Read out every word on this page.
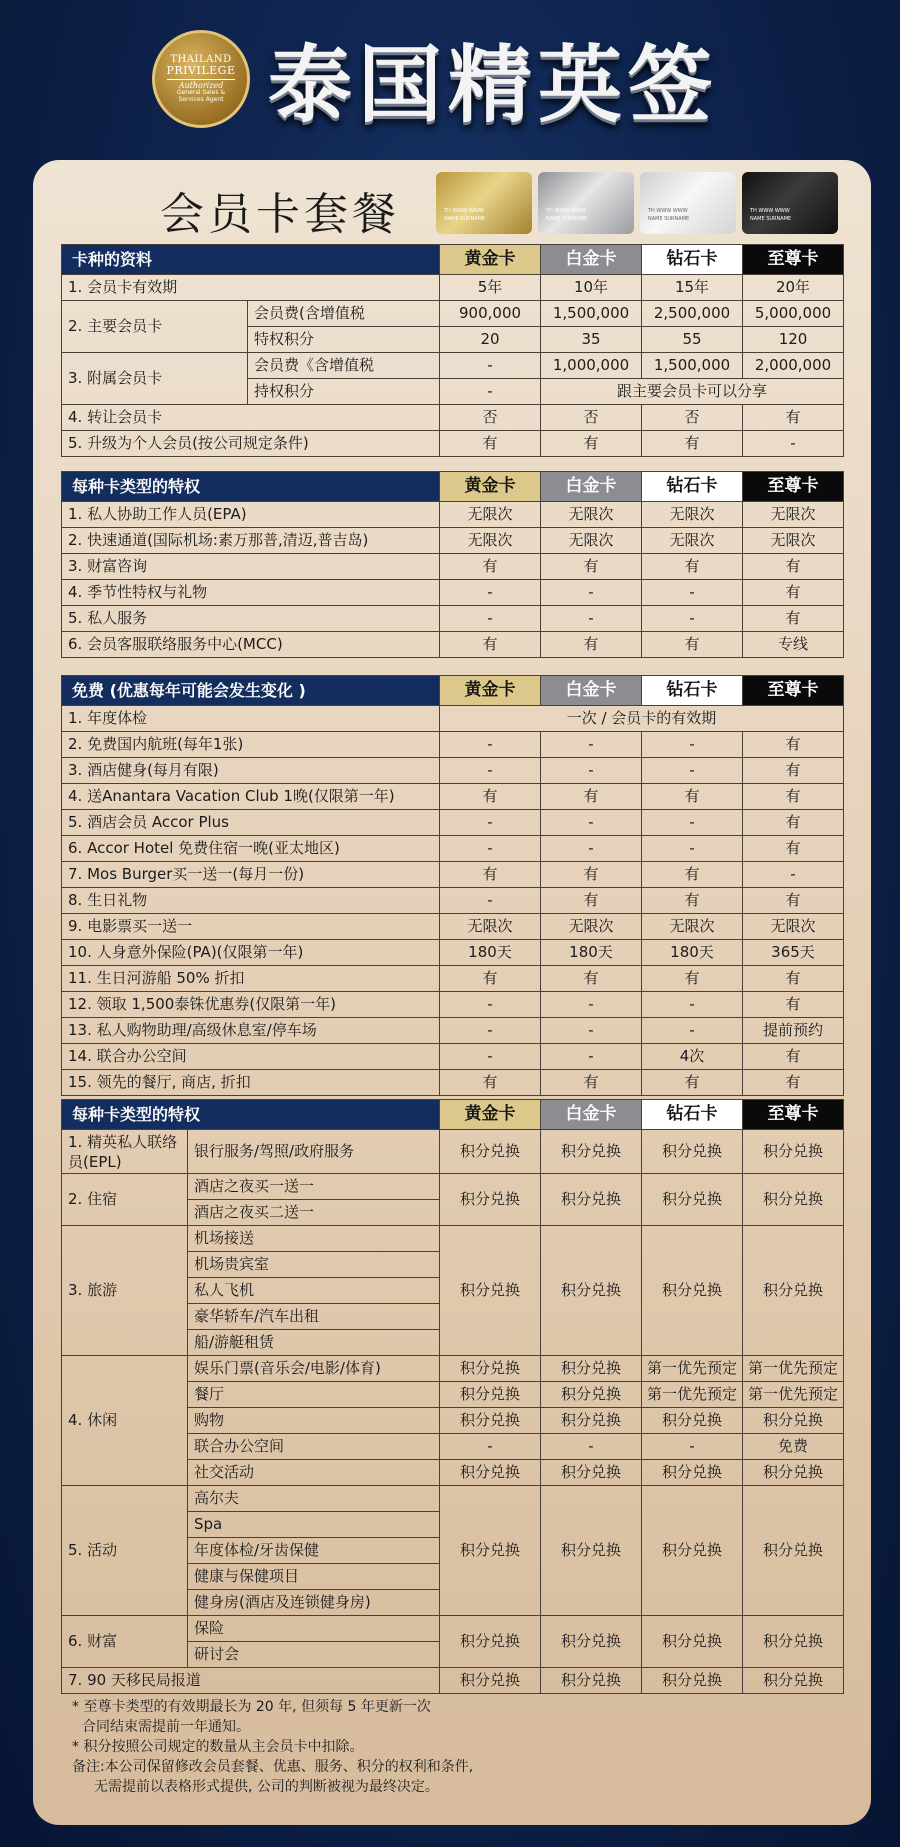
THAILAND
PRIVILEGE
Authorized
General Sales &
Services Agent 泰国精英签
会员卡套餐	TH WWW WWW
NAME SURNAME
TH WWW WWW
NAME SURNAME
TH WWW WWW
NAME SURNAME
TH WWW WWW
NAME SURNAME
卡种的资料		黄金卡	白金卡	钻石卡	至尊卡
1. 会员卡有效期		5年	10年	15年	20年
2. 主要会员卡	会员费(含增值税	900,000	1,500,000	2,500,000	5,000,000
	特权积分	20	35	55	120
3. 附属会员卡	会员费《含增值税	-	1,000,000	1,500,000	2,000,000
	持权积分	-	跟主要会员卡可以分享		
4. 转让会员卡		否	否	否	有
5. 升级为个人会员(按公司规定条件)		有	有	有	-
每种卡类型的特权	黄金卡	白金卡	钻石卡	至尊卡
1. 私人协助工作人员(EPA)	无限次	无限次	无限次	无限次
2. 快速通道(国际机场:素万那普,清迈,普吉岛)	无限次	无限次	无限次	无限次
3. 财富咨询	有	有	有	有
4. 季节性特权与礼物	-	-	-	有
5. 私人服务	-	-	-	有
6. 会员客服联络服务中心(MCC)	有	有	有	专线
免费 (优惠每年可能会发生变化 )	黄金卡	白金卡	钻石卡	至尊卡
1. 年度体检	一次 / 会员卡的有效期			
2. 免费国内航班(每年1张)	-	-	-	有
3. 酒店健身(每月有限)	-	-	-	有
4. 送Anantara Vacation Club 1晚(仅限第一年)	有	有	有	有
5. 酒店会员 Accor Plus	-	-	-	有
6. Accor Hotel 免费住宿一晚(亚太地区)	-	-	-	有
7. Mos Burger买一送一(每月一份)	有	有	有	-
8. 生日礼物	-	有	有	有
9. 电影票买一送一	无限次	无限次	无限次	无限次
10. 人身意外保险(PA)(仅限第一年)	180天	180天	180天	365天
11. 生日河游船 50% 折扣	有	有	有	有
12. 领取 1,500泰铢优惠券(仅限第一年)	-	-	-	有
13. 私人购物助理/高级休息室/停车场	-	-	-	提前预约
14. 联合办公空间	-	-	4次	有
15. 领先的餐厅, 商店, 折扣	有	有	有	有
每种卡类型的特权		黄金卡	白金卡	钻石卡	至尊卡
1. 精英私人联络员(EPL)	银行服务/驾照/政府服务	积分兑换	积分兑换	积分兑换	积分兑换
2. 住宿	酒店之夜买一送一	积分兑换	积分兑换	积分兑换	积分兑换
	酒店之夜买二送一				
3. 旅游	机场接送	积分兑换	积分兑换	积分兑换	积分兑换
	机场贵宾室				
	私人飞机				
	豪华轿车/汽车出租				
	船/游艇租赁				
4. 休闲	娱乐门票(音乐会/电影/体育)	积分兑换	积分兑换	第一优先预定	第一优先预定
	餐厅	积分兑换	积分兑换	第一优先预定	第一优先预定
	购物	积分兑换	积分兑换	积分兑换	积分兑换
	联合办公空间	-	-	-	免费
	社交活动	积分兑换	积分兑换	积分兑换	积分兑换
5. 活动	高尔夫	积分兑换	积分兑换	积分兑换	积分兑换
	Spa				
	年度体检/牙齿保健				
	健康与保健项目				
	健身房(酒店及连锁健身房)				
6. 财富	保险	积分兑换	积分兑换	积分兑换	积分兑换
	研讨会				
7. 90 天移民局报道		积分兑换	积分兑换	积分兑换	积分兑换
* 至尊卡类型的有效期最长为 20 年, 但须每 5 年更新一次
合同结束需提前一年通知。
* 积分按照公司规定的数量从主会员卡中扣除。
备注:本公司保留修改会员套餐、优惠、服务、积分的权利和条件,
无需提前以表格形式提供, 公司的判断被视为最终决定。
